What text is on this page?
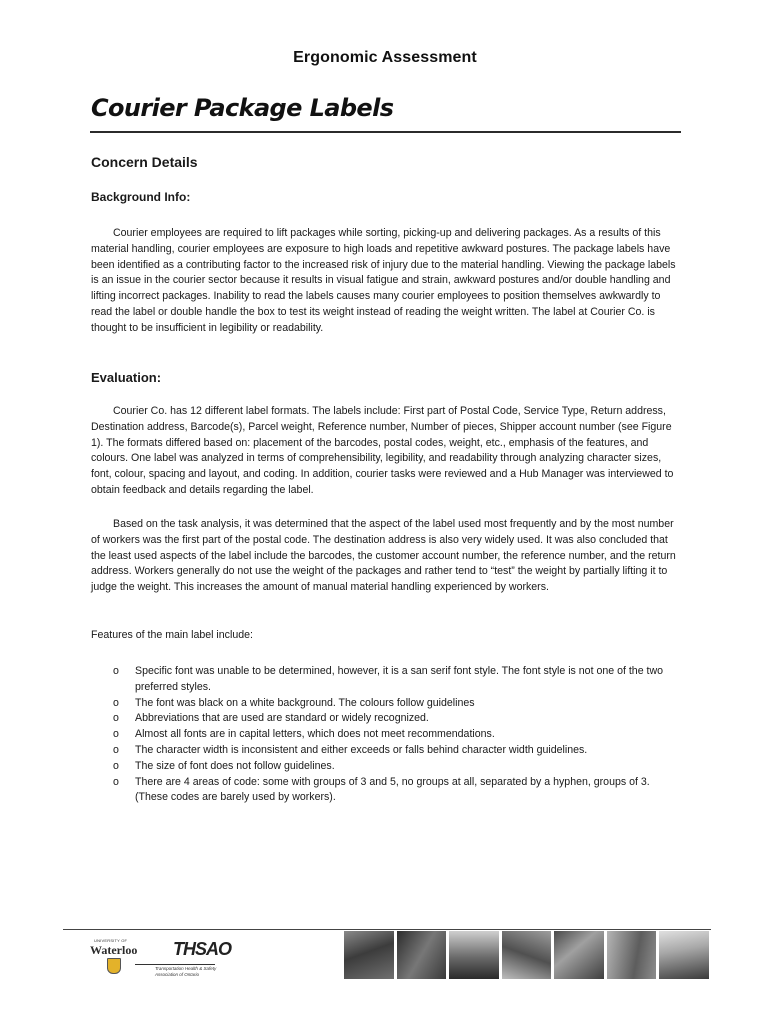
Ergonomic Assessment
Courier Package Labels
Concern Details
Background Info:
Courier employees are required to lift packages while sorting, picking-up and delivering packages. As a results of this material handling, courier employees are exposure to high loads and repetitive awkward postures. The package labels have been identified as a contributing factor to the increased risk of injury due to the material handling. Viewing the package labels is an issue in the courier sector because it results in visual fatigue and strain, awkward postures and/or double handling and lifting incorrect packages. Inability to read the labels causes many courier employees to position themselves awkwardly to read the label or double handle the box to test its weight instead of reading the weight written. The label at Courier Co. is thought to be insufficient in legibility or readability.
Evaluation:
Courier Co. has 12 different label formats. The labels include: First part of Postal Code, Service Type, Return address, Destination address, Barcode(s), Parcel weight, Reference number, Number of pieces, Shipper account number (see Figure 1). The formats differed based on: placement of the barcodes, postal codes, weight, etc., emphasis of the features, and colours. One label was analyzed in terms of comprehensibility, legibility, and readability through analyzing character sizes, font, colour, spacing and layout, and coding. In addition, courier tasks were reviewed and a Hub Manager was interviewed to obtain feedback and details regarding the label.
Based on the task analysis, it was determined that the aspect of the label used most frequently and by the most number of workers was the first part of the postal code. The destination address is also very widely used. It was also concluded that the least used aspects of the label include the barcodes, the customer account number, the reference number, and the return address. Workers generally do not use the weight of the packages and rather tend to “test” the weight by partially lifting it to judge the weight. This increases the amount of manual material handling experienced by workers.
Features of the main label include:
o Specific font was unable to be determined, however, it is a san serif font style. The font style is not one of the two preferred styles.
o The font was black on a white background. The colours follow guidelines
o Abbreviations that are used are standard or widely recognized.
o Almost all fonts are in capital letters, which does not meet recommendations.
o The character width is inconsistent and either exceeds or falls behind character width guidelines.
o The size of font does not follow guidelines.
o There are 4 areas of code: some with groups of 3 and 5, no groups at all, separated by a hyphen, groups of 3. (These codes are barely used by workers).
UNIVERSITY OF
Waterloo THSAO
Transportation Health & Safety Association of Ontario
